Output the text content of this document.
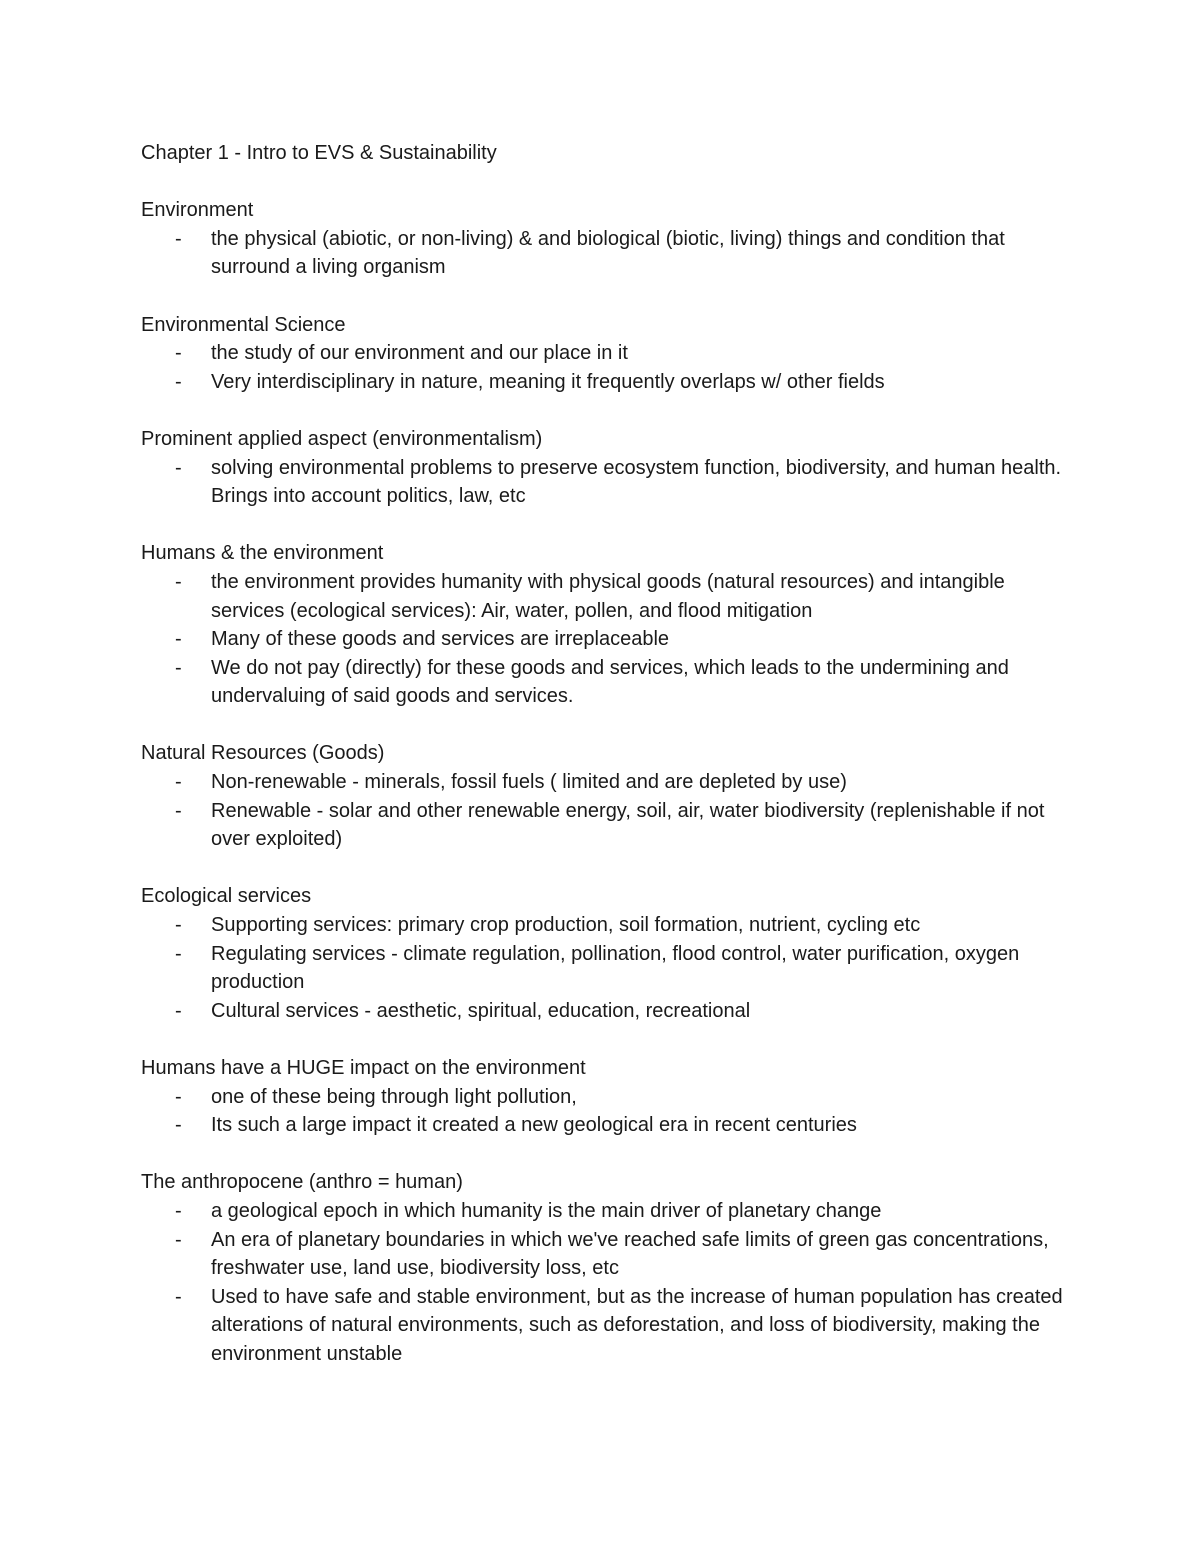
Chapter 1 - Intro to EVS & Sustainability
Environment
- the physical (abiotic, or non-living) & and biological (biotic, living) things and condition that surround a living organism
Environmental Science
- the study of our environment and our place in it
- Very interdisciplinary in nature, meaning it frequently overlaps w/ other fields
Prominent applied aspect (environmentalism)
- solving environmental problems to preserve ecosystem function, biodiversity, and human health. Brings into account politics, law, etc
Humans & the environment
- the environment provides humanity with physical goods (natural resources) and intangible services (ecological services): Air, water, pollen, and flood mitigation
- Many of these goods and services are irreplaceable
- We do not pay (directly) for these goods and services, which leads to the undermining and undervaluing of said goods and services.
Natural Resources (Goods)
- Non-renewable - minerals, fossil fuels ( limited and are depleted by use)
- Renewable - solar and other renewable energy, soil, air, water biodiversity (replenishable if not over exploited)
Ecological services
- Supporting services: primary crop production, soil formation, nutrient, cycling etc
- Regulating services - climate regulation, pollination, flood control, water purification, oxygen production
- Cultural services - aesthetic, spiritual, education, recreational
Humans have a HUGE impact on the environment
- one of these being through light pollution,
- Its such a large impact it created a new geological era in recent centuries
The anthropocene (anthro = human)
- a geological epoch in which humanity is the main driver of planetary change
- An era of planetary boundaries in which we've reached safe limits of green gas concentrations, freshwater use, land use, biodiversity loss, etc
- Used to have safe and stable environment, but as the increase of human population has created alterations of natural environments, such as deforestation, and loss of biodiversity, making the environment unstable
